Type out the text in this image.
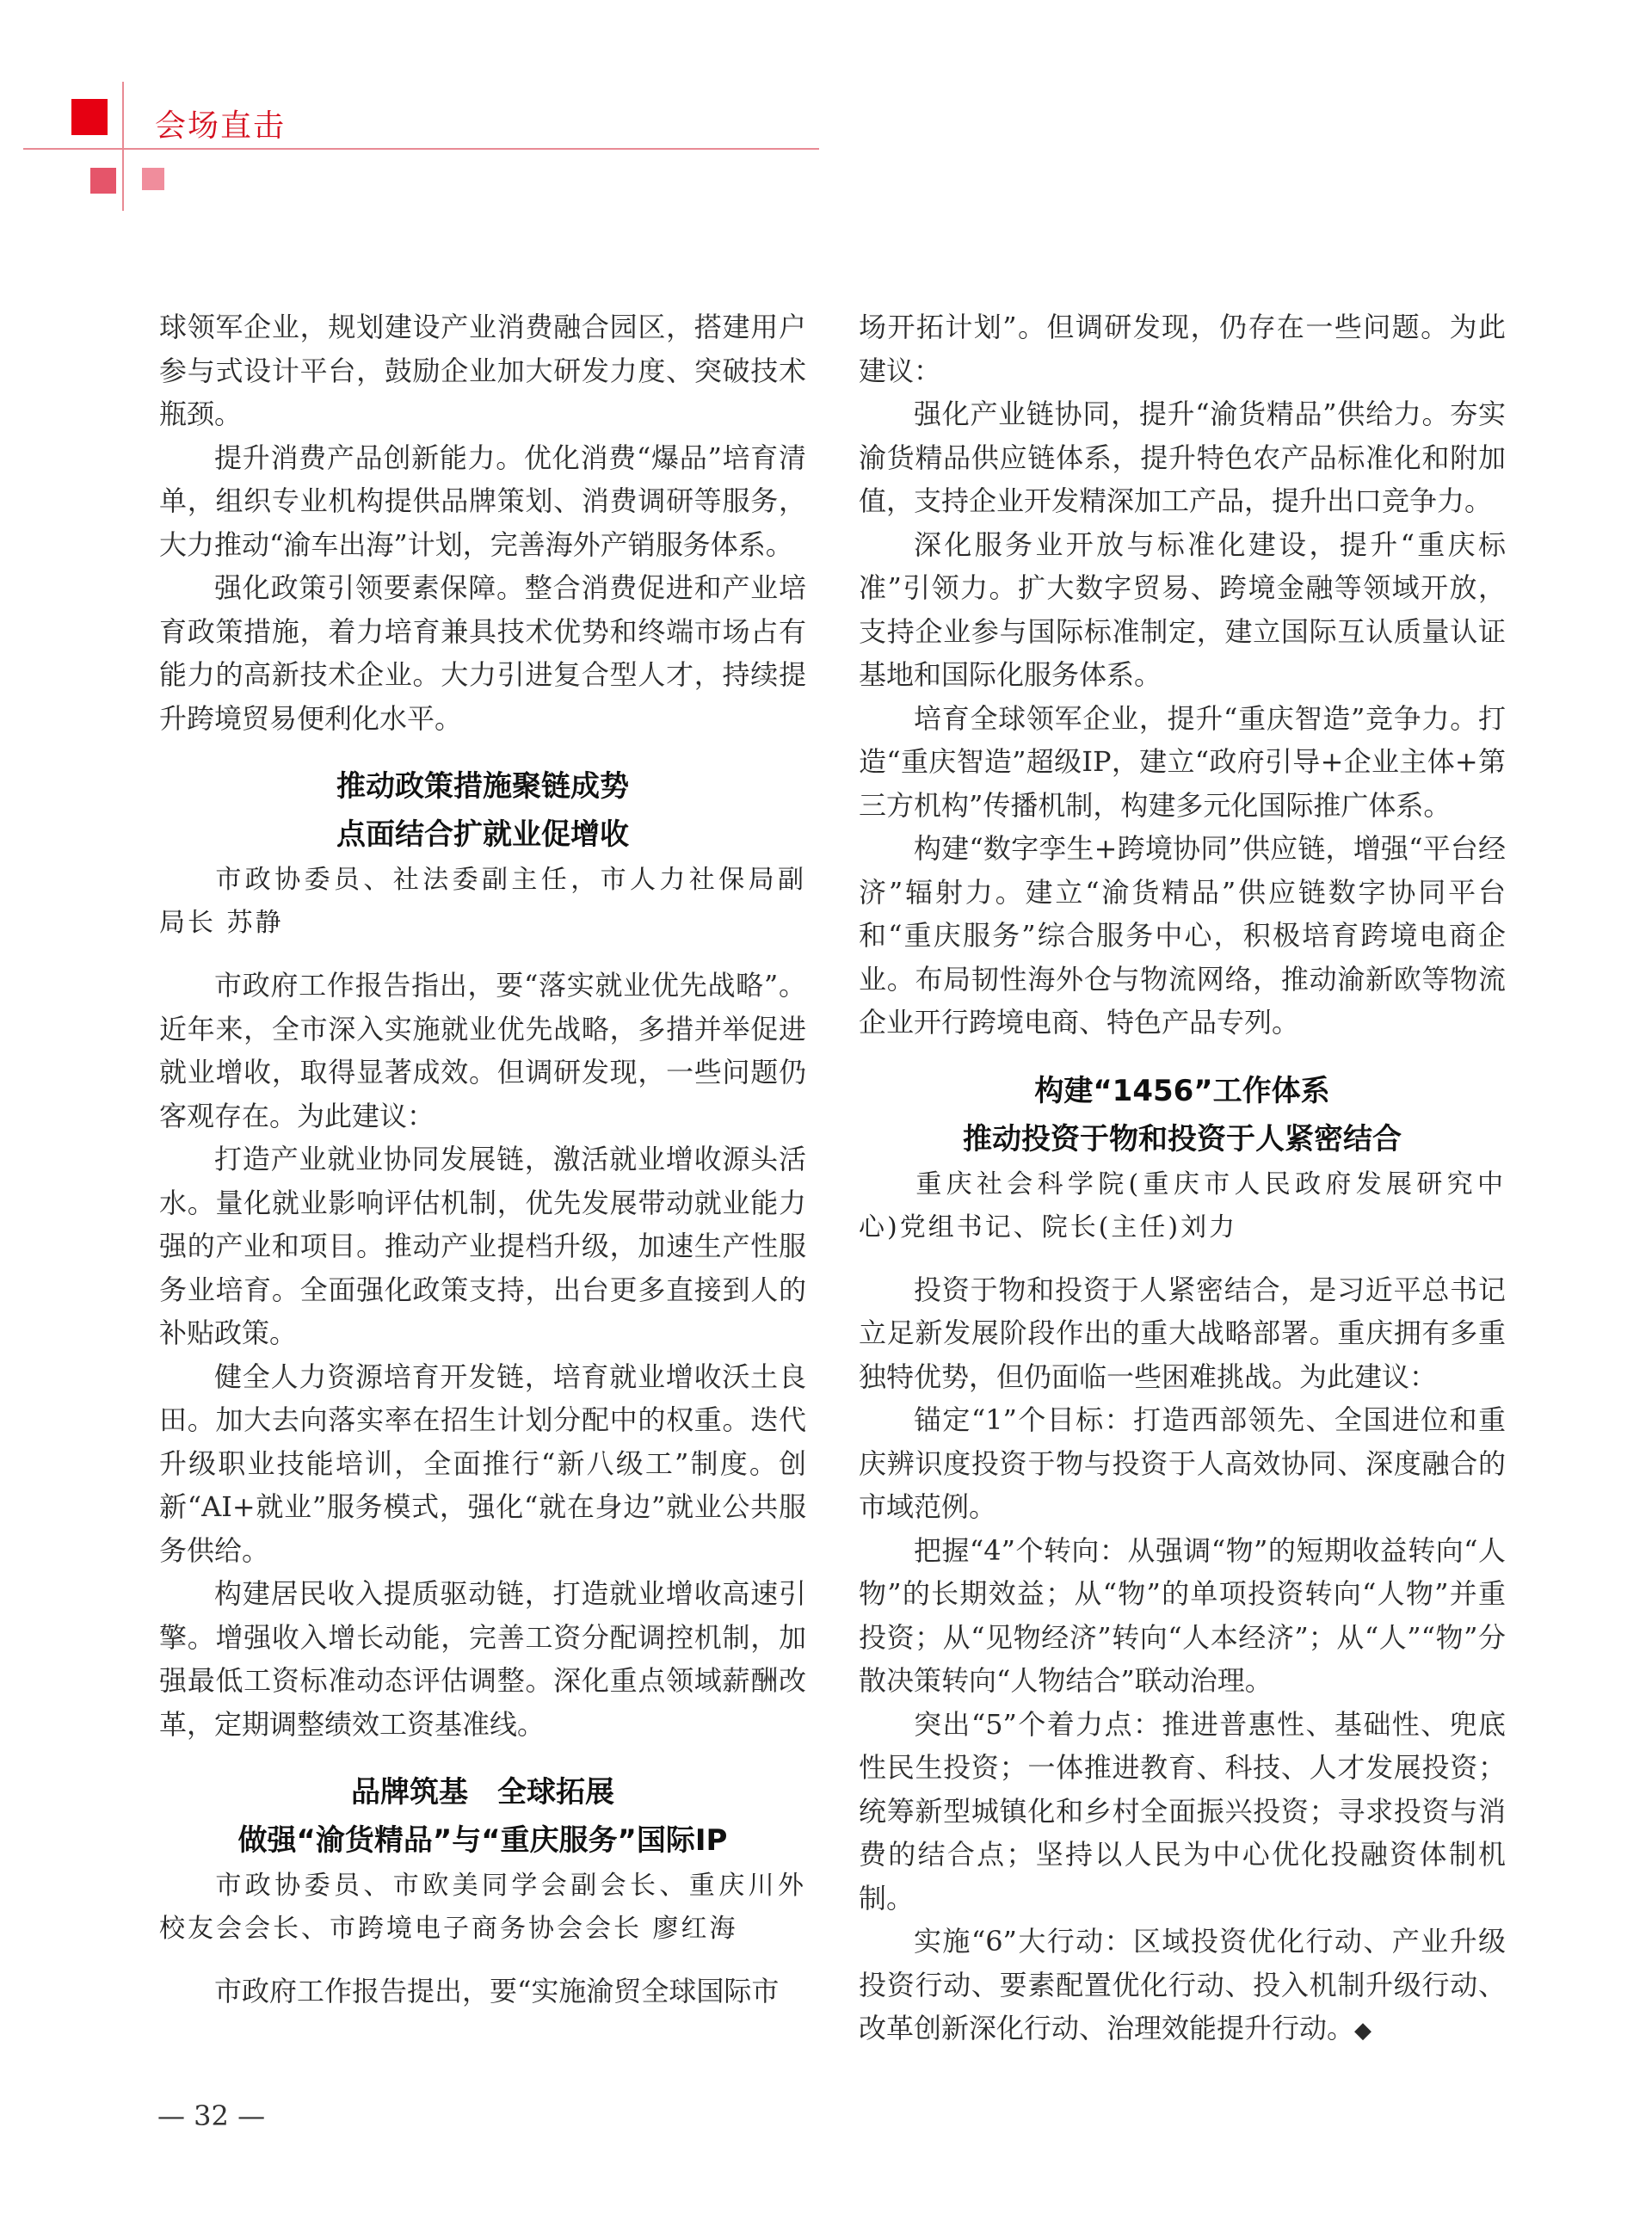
会场直击

球领军企业，规划建设产业消费融合园区，搭建用户参与式设计平台，鼓励企业加大研发力度、突破技术瓶颈。

提升消费产品创新能力。优化消费“爆品”培育清单，组织专业机构提供品牌策划、消费调研等服务，大力推动“渝车出海”计划，完善海外产销服务体系。

强化政策引领要素保障。整合消费促进和产业培育政策措施，着力培育兼具技术优势和终端市场占有能力的高新技术企业。大力引进复合型人才，持续提升跨境贸易便利化水平。

推动政策措施聚链成势

点面结合扩就业促增收

市政协委员、社法委副主任，市人力社保局副局长 苏静

市政府工作报告指出，要“落实就业优先战略”。近年来，全市深入实施就业优先战略，多措并举促进就业增收，取得显著成效。但调研发现，一些问题仍客观存在。为此建议：

打造产业就业协同发展链，激活就业增收源头活水。量化就业影响评估机制，优先发展带动就业能力强的产业和项目。推动产业提档升级，加速生产性服务业培育。全面强化政策支持，出台更多直接到人的补贴政策。

健全人力资源培育开发链，培育就业增收沃土良田。加大去向落实率在招生计划分配中的权重。迭代升级职业技能培训，全面推行“新八级工”制度。创新“AI+就业”服务模式，强化“就在身边”就业公共服务供给。

构建居民收入提质驱动链，打造就业增收高速引擎。增强收入增长动能，完善工资分配调控机制，加强最低工资标准动态评估调整。深化重点领域薪酬改革，定期调整绩效工资基准线。

品牌筑基　全球拓展

做强“渝货精品”与“重庆服务”国际IP

市政协委员、市欧美同学会副会长、重庆川外校友会会长、市跨境电子商务协会会长 廖红海

市政府工作报告提出，要“实施渝贸全球国际市

场开拓计划”。但调研发现，仍存在一些问题。为此建议：

强化产业链协同，提升“渝货精品”供给力。夯实渝货精品供应链体系，提升特色农产品标准化和附加值，支持企业开发精深加工产品，提升出口竞争力。

深化服务业开放与标准化建设，提升“重庆标准”引领力。扩大数字贸易、跨境金融等领域开放，支持企业参与国际标准制定，建立国际互认质量认证基地和国际化服务体系。

培育全球领军企业，提升“重庆智造”竞争力。打造“重庆智造”超级IP，建立“政府引导+企业主体+第三方机构”传播机制，构建多元化国际推广体系。

构建“数字孪生+跨境协同”供应链，增强“平台经济”辐射力。建立“渝货精品”供应链数字协同平台和“重庆服务”综合服务中心，积极培育跨境电商企业。布局韧性海外仓与物流网络，推动渝新欧等物流企业开行跨境电商、特色产品专列。

构建“1456”工作体系

推动投资于物和投资于人紧密结合

重庆社会科学院(重庆市人民政府发展研究中心)党组书记、院长(主任)刘力

投资于物和投资于人紧密结合，是习近平总书记立足新发展阶段作出的重大战略部署。重庆拥有多重独特优势，但仍面临一些困难挑战。为此建议：

锚定“1”个目标：打造西部领先、全国进位和重庆辨识度投资于物与投资于人高效协同、深度融合的市域范例。

把握“4”个转向：从强调“物”的短期收益转向“人物”的长期效益；从“物”的单项投资转向“人物”并重投资；从“见物经济”转向“人本经济”；从“人”“物”分散决策转向“人物结合”联动治理。

突出“5”个着力点：推进普惠性、基础性、兜底性民生投资；一体推进教育、科技、人才发展投资；统筹新型城镇化和乡村全面振兴投资；寻求投资与消费的结合点；坚持以人民为中心优化投融资体制机制。

实施“6”大行动：区域投资优化行动、产业升级投资行动、要素配置优化行动、投入机制升级行动、改革创新深化行动、治理效能提升行动。◆

— 32 —
